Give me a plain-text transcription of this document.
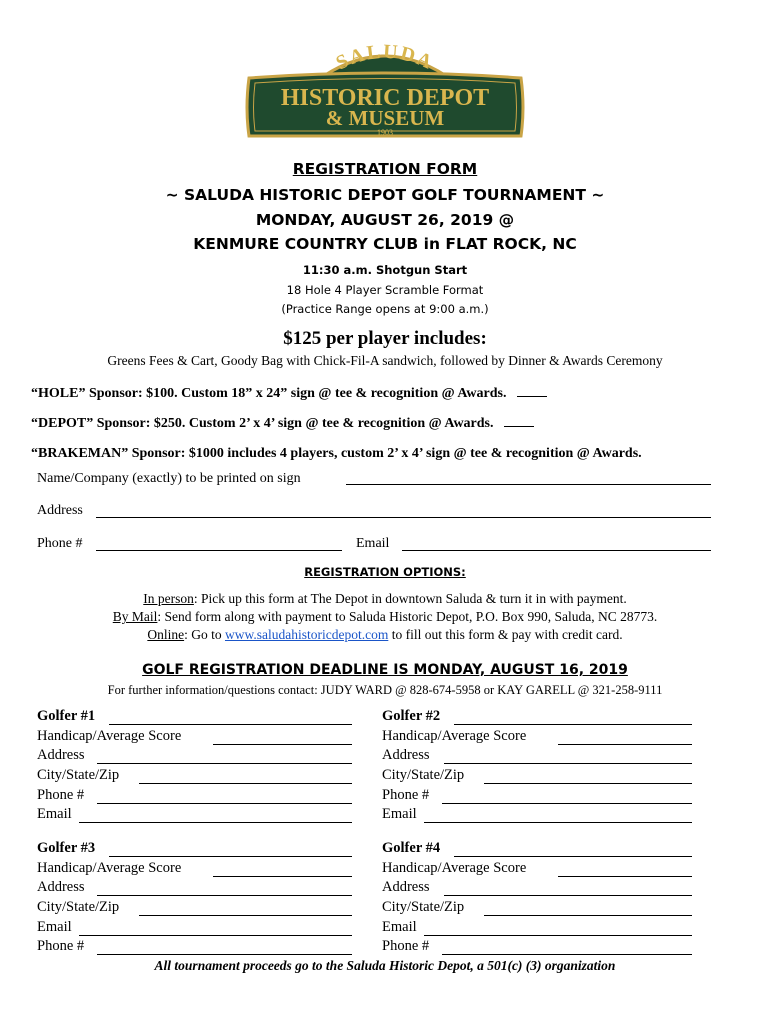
SALUDA
HISTORIC DEPOT
& MUSEUM
1903
REGISTRATION FORM
~ SALUDA HISTORIC DEPOT GOLF TOURNAMENT ~
MONDAY, AUGUST 26, 2019 @
KENMURE COUNTRY CLUB in FLAT ROCK, NC
11:30 a.m. Shotgun Start
18 Hole 4 Player Scramble Format
(Practice Range opens at 9:00 a.m.)
$125 per player includes:
Greens Fees & Cart, Goody Bag with Chick-Fil-A sandwich, followed by Dinner & Awards Ceremony
“HOLE” Sponsor: $100. Custom 18” x 24” sign @ tee & recognition @ Awards.
“DEPOT” Sponsor: $250. Custom 2’ x 4’ sign @ tee & recognition @ Awards.
“BRAKEMAN” Sponsor: $1000 includes 4 players, custom 2’ x 4’ sign @ tee & recognition @ Awards.
Name/Company (exactly) to be printed on sign
Address
Phone #	Email
REGISTRATION OPTIONS:
In person: Pick up this form at The Depot in downtown Saluda & turn it in with payment.
By Mail: Send form along with payment to Saluda Historic Depot, P.O. Box 990, Saluda, NC 28773.
Online: Go to www.saludahistoricdepot.com to fill out this form & pay with credit card.
GOLF REGISTRATION DEADLINE IS MONDAY, AUGUST 16, 2019
For further information/questions contact: JUDY WARD @ 828-674-5958 or KAY GARELL @ 321-258-9111
Golfer #1
Handicap/Average Score
Address
City/State/Zip
Phone #
Email
Golfer #2
Handicap/Average Score
Address
City/State/Zip
Phone #
Email
Golfer #3
Handicap/Average Score
Address
City/State/Zip
Email
Phone #
Golfer #4
Handicap/Average Score
Address
City/State/Zip
Email
Phone #
All tournament proceeds go to the Saluda Historic Depot, a 501(c) (3) organization
